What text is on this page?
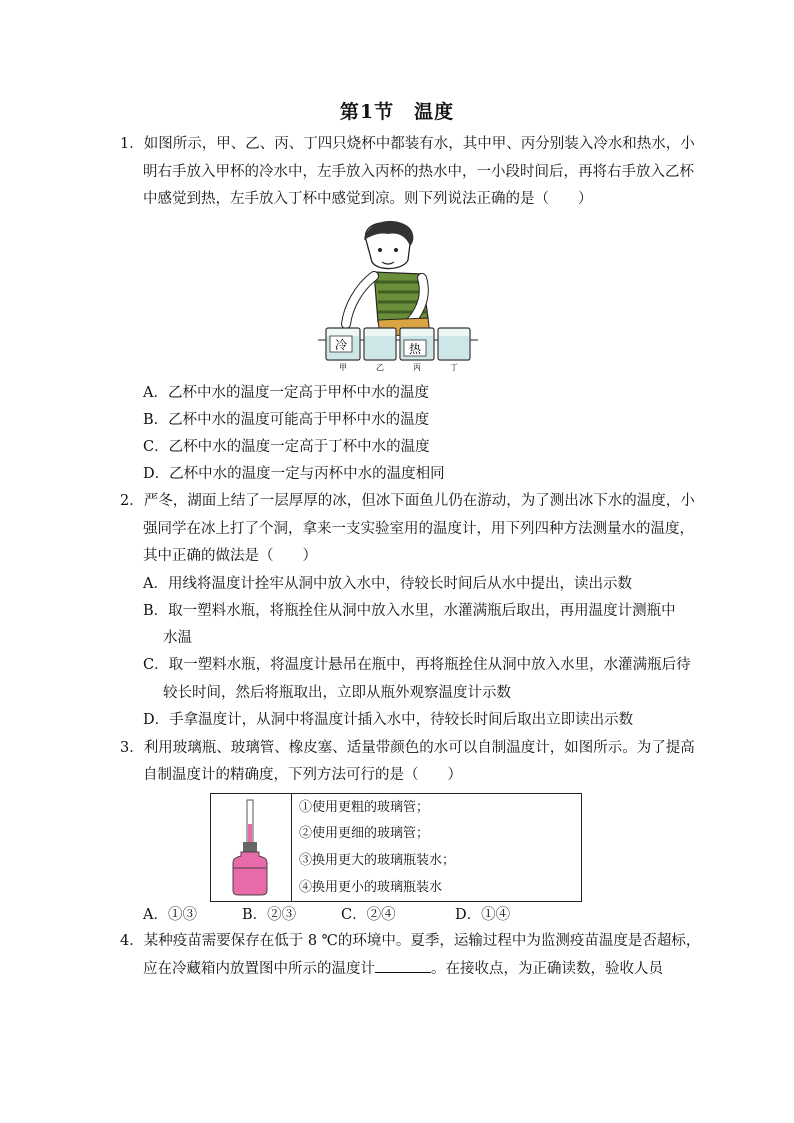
第1节　温度
1．如图所示，甲、乙、丙、丁四只烧杯中都装有水，其中甲、丙分别装入冷水和热水，小
明右手放入甲杯的冷水中，左手放入丙杯的热水中，一小段时间后，再将右手放入乙杯
中感觉到热，左手放入丁杯中感觉到凉。则下列说法正确的是（　　）
冷	热
甲	乙	丙	丁
A．乙杯中水的温度一定高于甲杯中水的温度
B．乙杯中水的温度可能高于甲杯中水的温度
C．乙杯中水的温度一定高于丁杯中水的温度
D．乙杯中水的温度一定与丙杯中水的温度相同
2．严冬，湖面上结了一层厚厚的冰，但冰下面鱼儿仍在游动，为了测出冰下水的温度，小
强同学在冰上打了个洞，拿来一支实验室用的温度计，用下列四种方法测量水的温度，
其中正确的做法是（　　）
A．用线将温度计拴牢从洞中放入水中，待较长时间后从水中提出，读出示数
B．取一塑料水瓶，将瓶拴住从洞中放入水里，水灌满瓶后取出，再用温度计测瓶中
水温
C．取一塑料水瓶，将温度计悬吊在瓶中，再将瓶拴住从洞中放入水里，水灌满瓶后待
较长时间，然后将瓶取出，立即从瓶外观察温度计示数
D．手拿温度计，从洞中将温度计插入水中，待较长时间后取出立即读出示数
3．利用玻璃瓶、玻璃管、橡皮塞、适量带颜色的水可以自制温度计，如图所示。为了提高
自制温度计的精确度，下列方法可行的是（　　）
①使用更粗的玻璃管；
②使用更细的玻璃管；
③换用更大的玻璃瓶装水；
④换用更小的玻璃瓶装水
A．①③	B．②③	C．②④	D．①④
4．某种疫苗需要保存在低于 8 ℃的环境中。夏季，运输过程中为监测疫苗温度是否超标，
应在冷藏箱内放置图中所示的温度计	。在接收点，为正确读数，验收人员
